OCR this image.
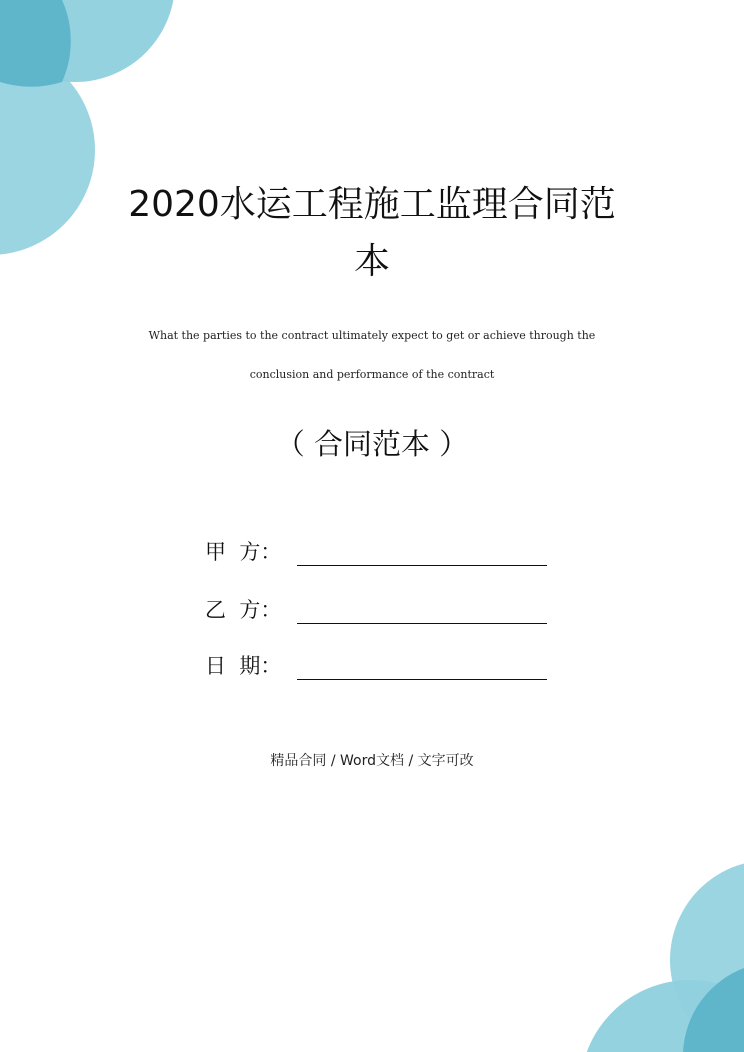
2020水运工程施工监理合同范
本
What the parties to the contract ultimately expect to get or achieve through the
conclusion and performance of the contract
（ 合同范本 ）
甲  方：
乙  方：
日  期：
精品合同 / Word文档 / 文字可改
